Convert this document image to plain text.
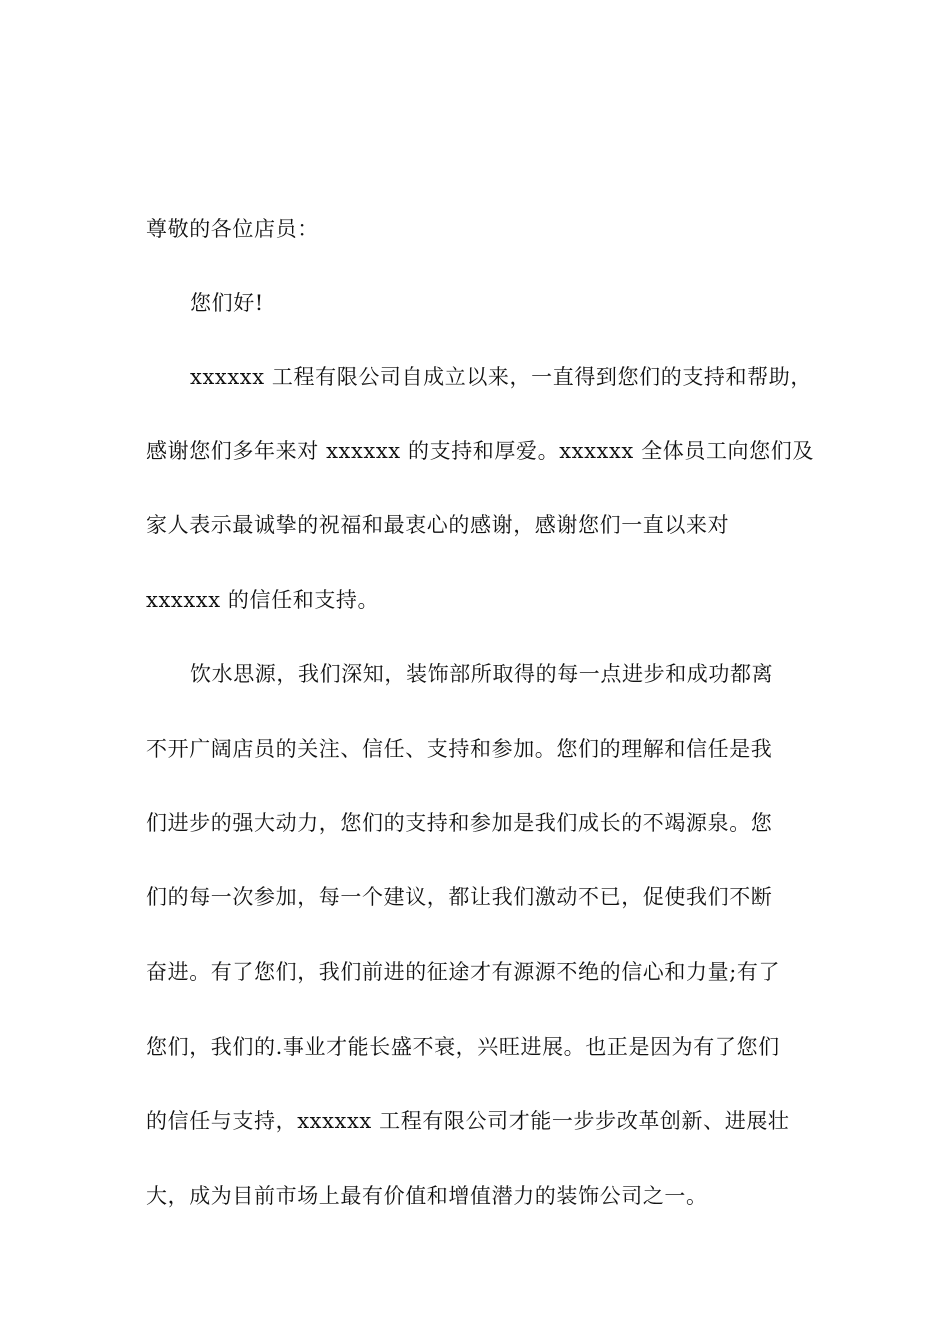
尊敬的各位店员：
您们好!
xxxxxx 工程有限公司自成立以来，一直得到您们的支持和帮助，
感谢您们多年来对 xxxxxx 的支持和厚爱。xxxxxx 全体员工向您们及
家人表示最诚挚的祝福和最衷心的感谢，感谢您们一直以来对
xxxxxx 的信任和支持。
饮水思源，我们深知，装饰部所取得的每一点进步和成功都离
不开广阔店员的关注、信任、支持和参加。您们的理解和信任是我
们进步的强大动力，您们的支持和参加是我们成长的不竭源泉。您
们的每一次参加，每一个建议，都让我们激动不已，促使我们不断
奋进。有了您们，我们前进的征途才有源源不绝的信心和力量;有了
您们，我们的.事业才能长盛不衰，兴旺进展。也正是因为有了您们
的信任与支持，xxxxxx 工程有限公司才能一步步改革创新、进展壮
大，成为目前市场上最有价值和增值潜力的装饰公司之一。
